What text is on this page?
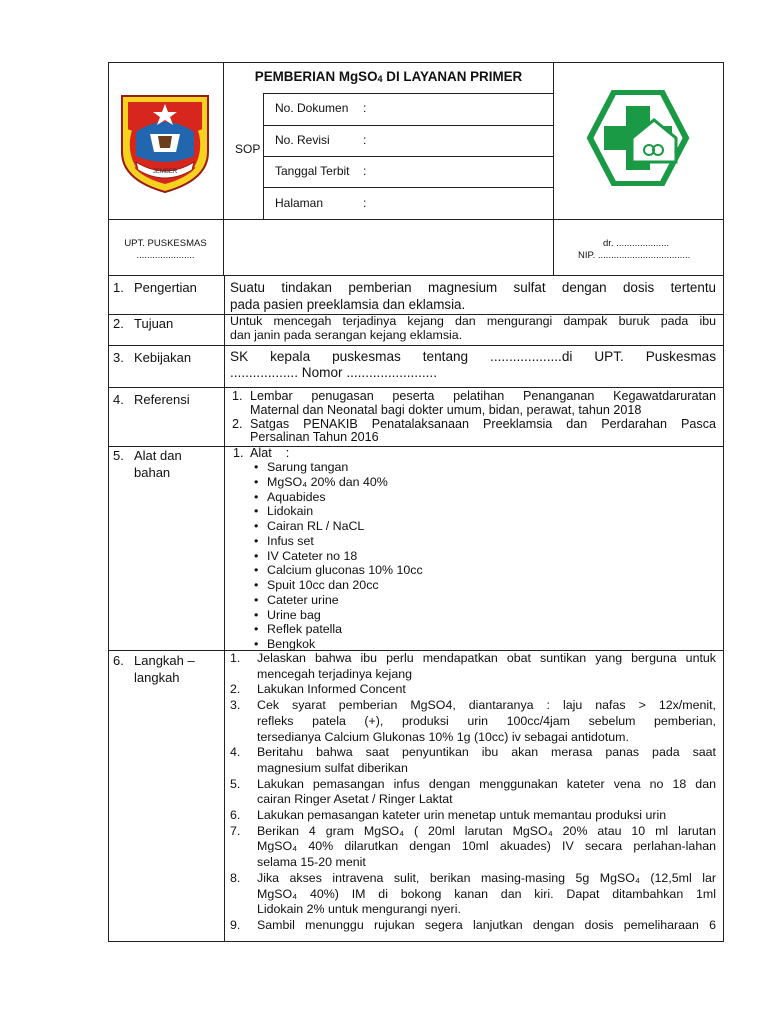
JEMBER
PEMBERIAN MgSO$_4$ DI LAYANAN PRIMER
SOP
No. Dokumen :
No. Revisi	:
Tanggal Terbit :
Halaman	:
UPT. PUSKESMAS
......................
dr. ....................
NIP. ...................................
1. Pengertian
2. Tujuan
3. Kebijakan
4. Referensi
5. Alat dan
bahan
6. Langkah –
langkah
Suatu tindakan pemberian magnesium sulfat dengan dosis tertentu
pada pasien preeklamsia dan eklamsia.
Untuk mencegah terjadinya kejang dan mengurangi dampak buruk pada ibu
dan janin pada serangan kejang eklamsia.
SK kepala puskesmas tentang ...................di UPT. Puskesmas
.................. Nomor ........................
1. Lembar penugasan peserta pelatihan Penanganan Kegawatdaruratan
Maternal dan Neonatal bagi dokter umum, bidan, perawat, tahun 2018
2. Satgas PENAKIB Penatalaksanaan Preeklamsia dan Perdarahan Pasca
Persalinan Tahun 2016
1. Alat    :
• Sarung tangan
• MgSO₄ 20% dan 40%
• Aquabides
• Lidokain
• Cairan RL / NaCL
• Infus set
• IV Cateter no 18
• Calcium gluconas 10% 10cc
• Spuit 10cc dan 20cc
• Cateter urine
• Urine bag
• Reflek patella
• Bengkok
1. Jelaskan bahwa ibu perlu mendapatkan obat suntikan yang berguna untuk
mencegah terjadinya kejang
2. Lakukan Informed Concent
3. Cek syarat pemberian MgSO4, diantaranya : laju nafas > 12x/menit,
refleks patela (+), produksi urin 100cc/4jam sebelum pemberian,
tersedianya Calcium Glukonas 10% 1g (10cc) iv sebagai antidotum.
4. Beritahu bahwa saat penyuntikan ibu akan merasa panas pada saat
magnesium sulfat diberikan
5. Lakukan pemasangan infus dengan menggunakan kateter vena no 18 dan
cairan Ringer Asetat / Ringer Laktat
6. Lakukan pemasangan kateter urin menetap untuk memantau produksi urin
7. Berikan 4 gram MgSO₄ ( 20ml larutan MgSO₄ 20% atau 10 ml larutan
MgSO₄ 40% dilarutkan dengan 10ml akuades) IV secara perlahan-lahan
selama 15-20 menit
8. Jika akses intravena sulit, berikan masing-masing 5g MgSO₄ (12,5ml lar
MgSO₄ 40%) IM di bokong kanan dan kiri. Dapat ditambahkan 1ml
Lidokain 2% untuk mengurangi nyeri.
9. Sambil menunggu rujukan segera lanjutkan dengan dosis pemeliharaan 6
